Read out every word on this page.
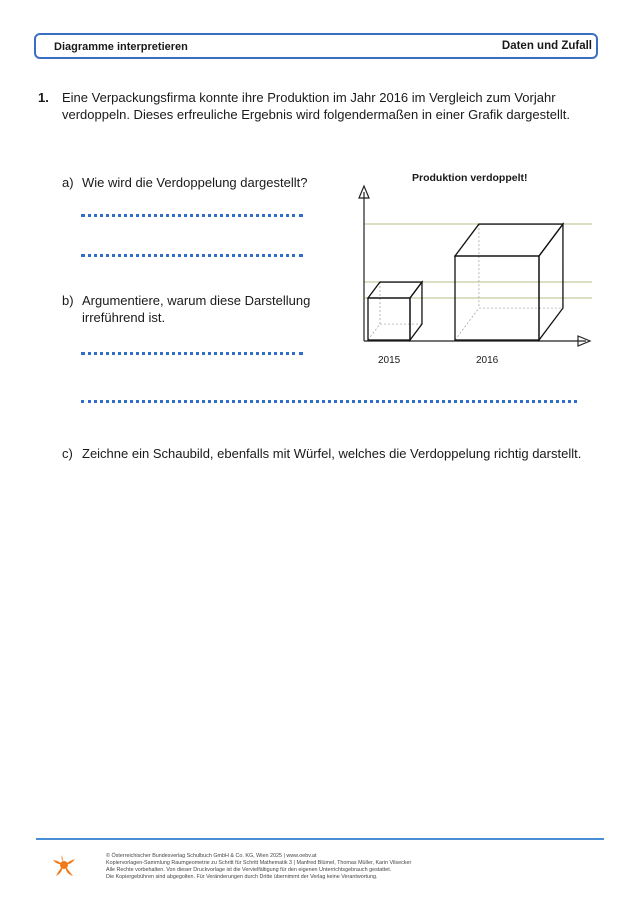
Diagramme interpretieren	Daten und Zufall
1. Eine Verpackungsfirma konnte ihre Produktion im Jahr 2016 im Vergleich zum Vorjahr
verdoppeln. Dieses erfreuliche Ergebnis wird folgendermaßen in einer Grafik dargestellt.
a) Wie wird die Verdoppelung dargestellt?
b) Argumentiere, warum diese Darstellung
irreführend ist.
c) Zeichne ein Schaubild, ebenfalls mit Würfel, welches die Verdoppelung richtig darstellt.
Produktion verdoppelt!
2015	2016
© Österreichischer Bundesverlag Schulbuch GmbH & Co. KG, Wien 2025 | www.oebv.at
Kopiervorlagen-Sammlung Raumgeometrie zu Schritt für Schritt Mathematik 3 | Manfred Blümel, Thomas Müller, Karin Vilsecker
Alle Rechte vorbehalten. Von dieser Druckvorlage ist die Vervielfältigung für den eigenen Unterrichtsgebrauch gestattet.
Die Kopiergebühren sind abgegolten. Für Veränderungen durch Dritte übernimmt der Verlag keine Verantwortung.
